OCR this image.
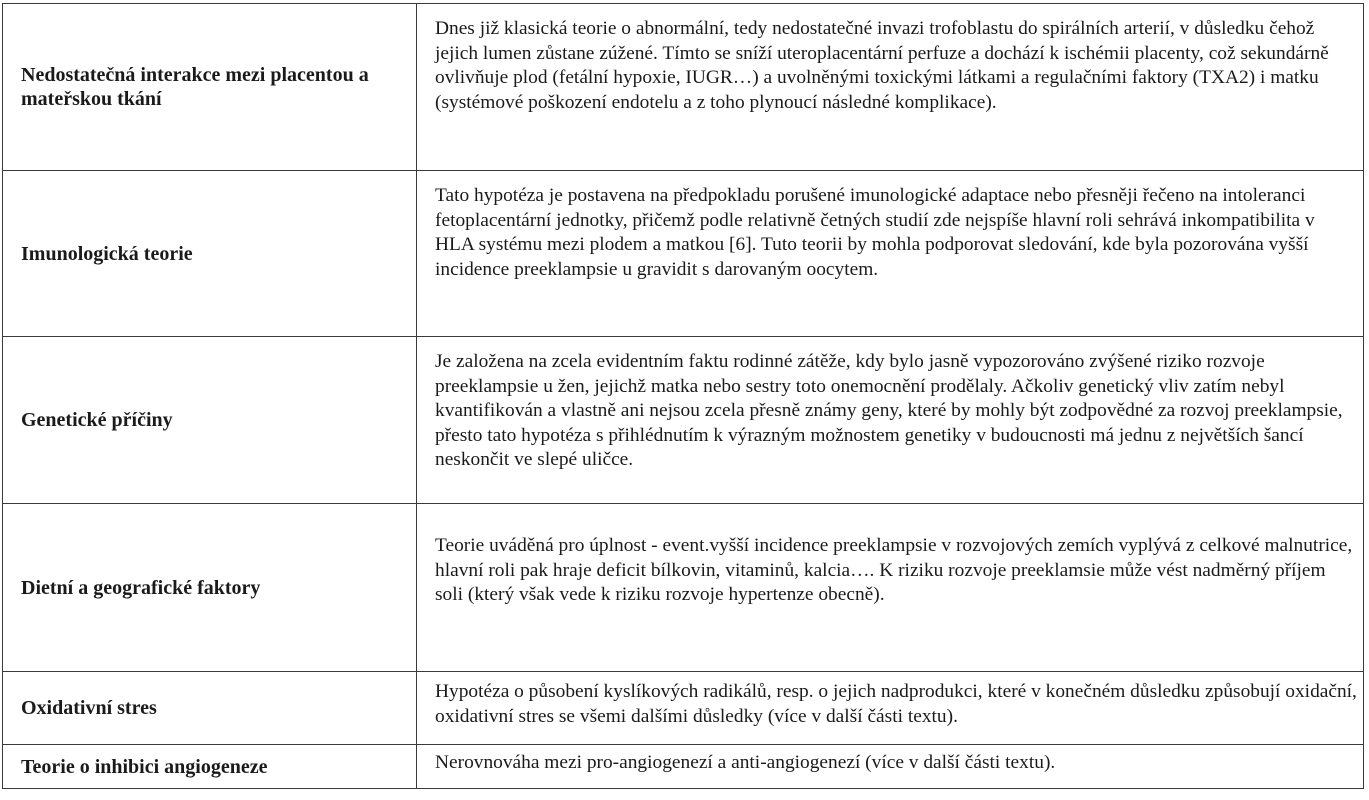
Nedostatečná interakce mezi placentou a mateřskou tkání	Dnes již klasická teorie o abnormální, tedy nedostatečné invazi trofoblastu do spirálních arterií, v důsledku čehož jejich lumen zůstane zúžené. Tímto se sníží uteroplacentární perfuze a dochází k ischémii placenty, což sekundárně ovlivňuje plod (fetální hypoxie, IUGR…) a uvolněnými toxickými látkami a regulačními faktory (TXA2) i matku (systémové poškození endotelu a z toho plynoucí následné komplikace).
Imunologická teorie	Tato hypotéza je postavena na předpokladu porušené imunologické adaptace nebo přesněji řečeno na intoleranci fetoplacentární jednotky, přičemž podle relativně četných studií zde nejspíše hlavní roli sehrává inkompatibilita v HLA systému mezi plodem a matkou [6]. Tuto teorii by mohla podporovat sledování, kde byla pozorována vyšší incidence preeklampsie u gravidit s darovaným oocytem.
Genetické příčiny	Je založena na zcela evidentním faktu rodinné zátěže, kdy bylo jasně vypozorováno zvýšené riziko rozvoje preeklampsie u žen, jejichž matka nebo sestry toto onemocnění prodělaly. Ačkoliv genetický vliv zatím nebyl kvantifikován a vlastně ani nejsou zcela přesně známy geny, které by mohly být zodpovědné za rozvoj preeklampsie, přesto tato hypotéza s přihlédnutím k výrazným možnostem genetiky v budoucnosti má jednu z největších šancí neskončit ve slepé uličce.
Dietní a geografické faktory	Teorie uváděná pro úplnost - event.vyšší incidence preeklampsie v rozvojových zemích vyplývá z celkové malnutrice, hlavní roli pak hraje deficit bílkovin, vitaminů, kalcia…. K riziku rozvoje preeklamsie může vést nadměrný příjem soli (který však vede k riziku rozvoje hypertenze obecně).
Oxidativní stres	Hypotéza o působení kyslíkových radikálů, resp. o jejich nadprodukci, které v konečném důsledku způsobují oxidační, oxidativní stres se všemi dalšími důsledky (více v další části textu).
Teorie o inhibici angiogeneze	Nerovnováha mezi pro-angiogenezí a anti-angiogenezí (více v další části textu).
